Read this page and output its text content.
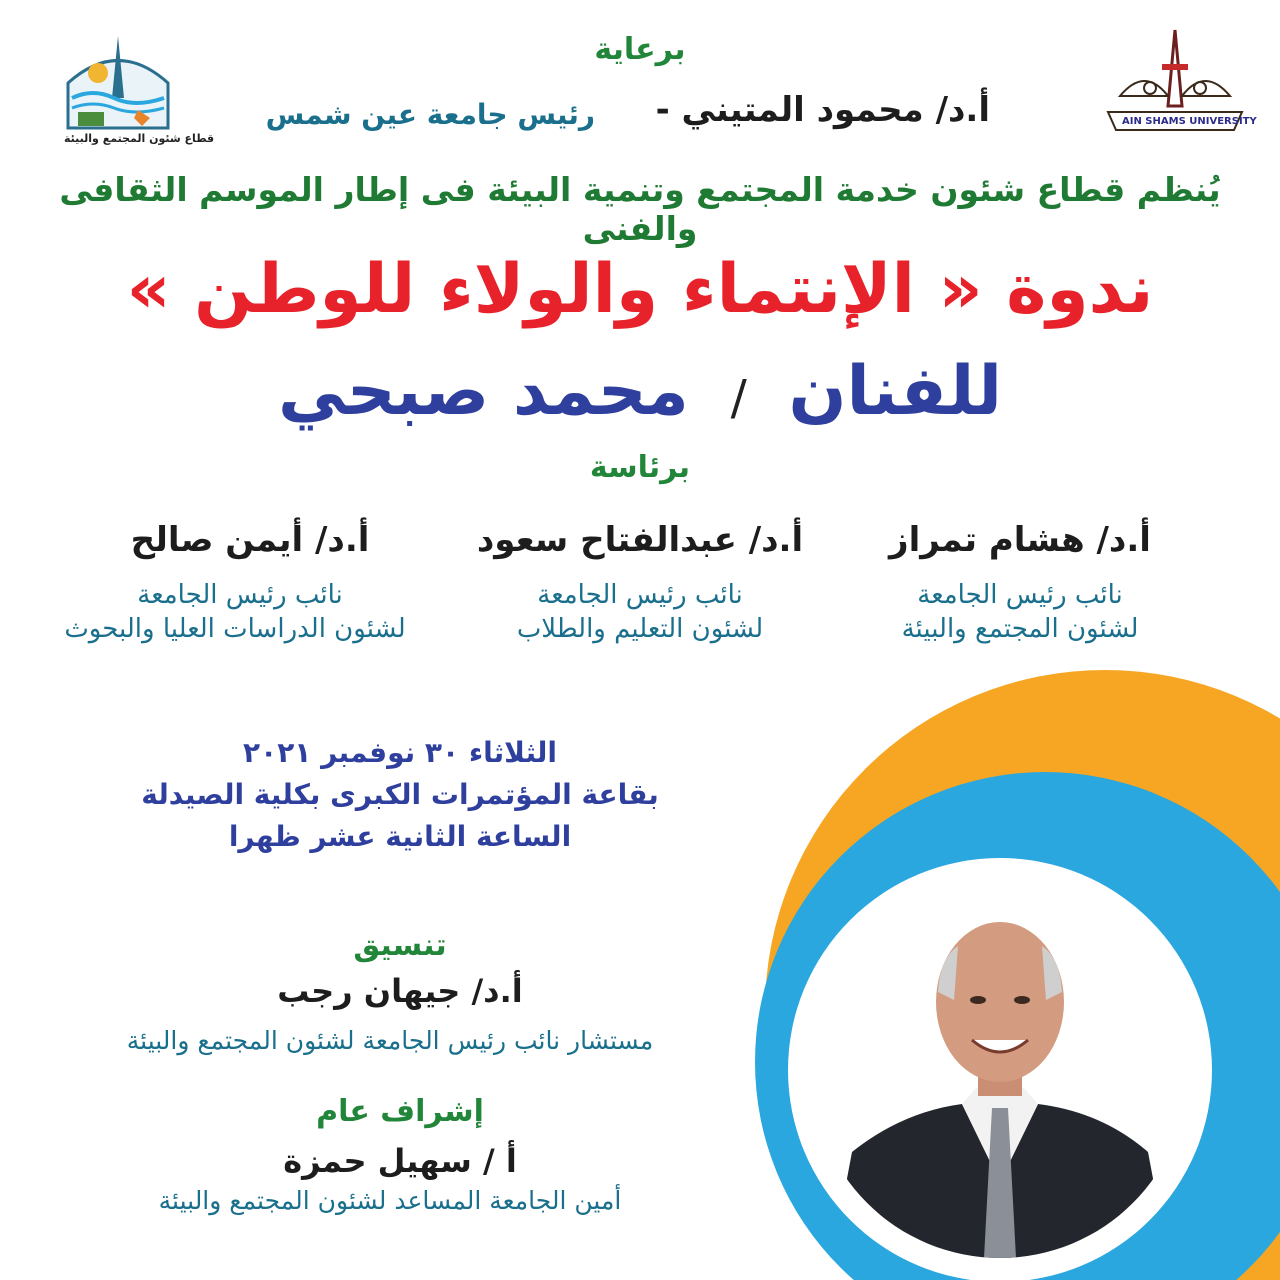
قطاع شئون المجتمع والبيئة
AIN SHAMS UNIVERSITY
برعاية
أ.د/ محمود المتيني -
رئيس جامعة عين شمس
يُنظم قطاع شئون خدمة المجتمع وتنمية البيئة فى إطار الموسم الثقافى والفنى
ندوة « الإنتماء والولاء للوطن »
للفنان / محمد صبحي
برئاسة
أ.د/ هشام تمراز
نائب رئيس الجامعة
لشئون المجتمع والبيئة
أ.د/ عبدالفتاح سعود
نائب رئيس الجامعة
لشئون التعليم والطلاب
أ.د/ أيمن صالح
نائب رئيس الجامعة
لشئون الدراسات العليا والبحوث
الثلاثاء ٣٠ نوفمبر ٢٠٢١
بقاعة المؤتمرات الكبرى بكلية الصيدلة
الساعة الثانية عشر ظهرا
تنسيق
أ.د/ جيهان رجب
مستشار نائب رئيس الجامعة لشئون المجتمع والبيئة
إشراف عام
أ / سهيل حمزة
أمين الجامعة المساعد لشئون المجتمع والبيئة
